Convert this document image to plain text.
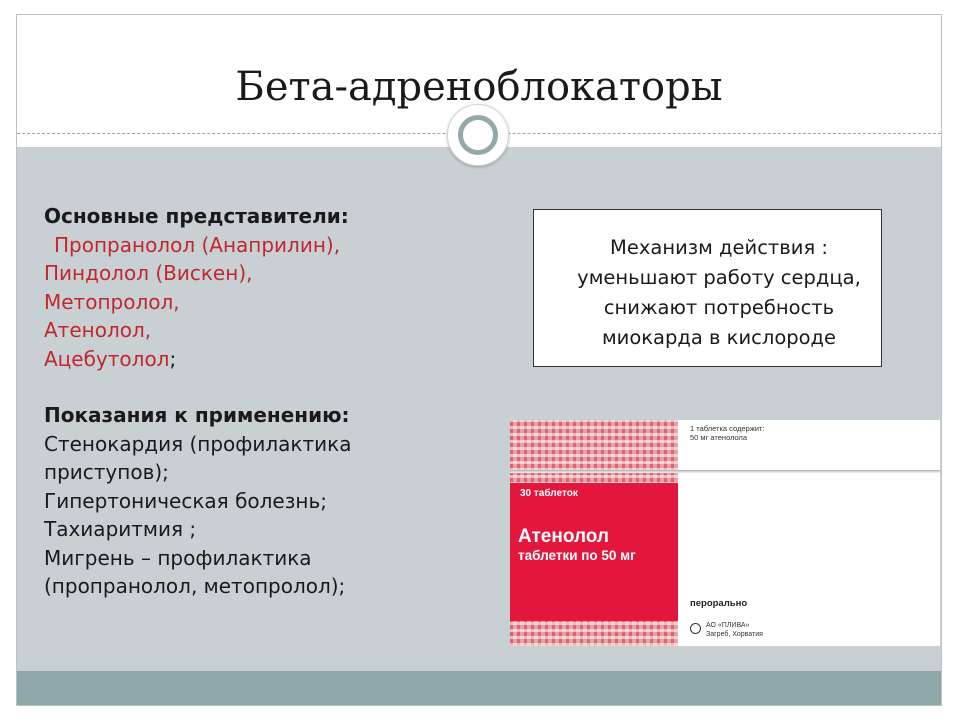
Бета-адреноблокаторы
Основные представители:
Пропранолол (Анаприлин),
Пиндолол (Вискен),
Метопролол,
Атенолол,
Ацебутолол;
Показания к применению:
Стенокардия (профилактика
приступов);
Гипертоническая болезнь;
Тахиаритмия ;
Мигрень – профилактика
(пропранолол, метопролол);
Механизм действия :
уменьшают работу сердца,
снижают потребность
миокарда в кислороде
1 таблетка содержит:
50 мг атенолола
30 таблеток
Атенолол
таблетки по 50 мг
перорально
АО «ПЛИВА»
Загреб, Хорватия
